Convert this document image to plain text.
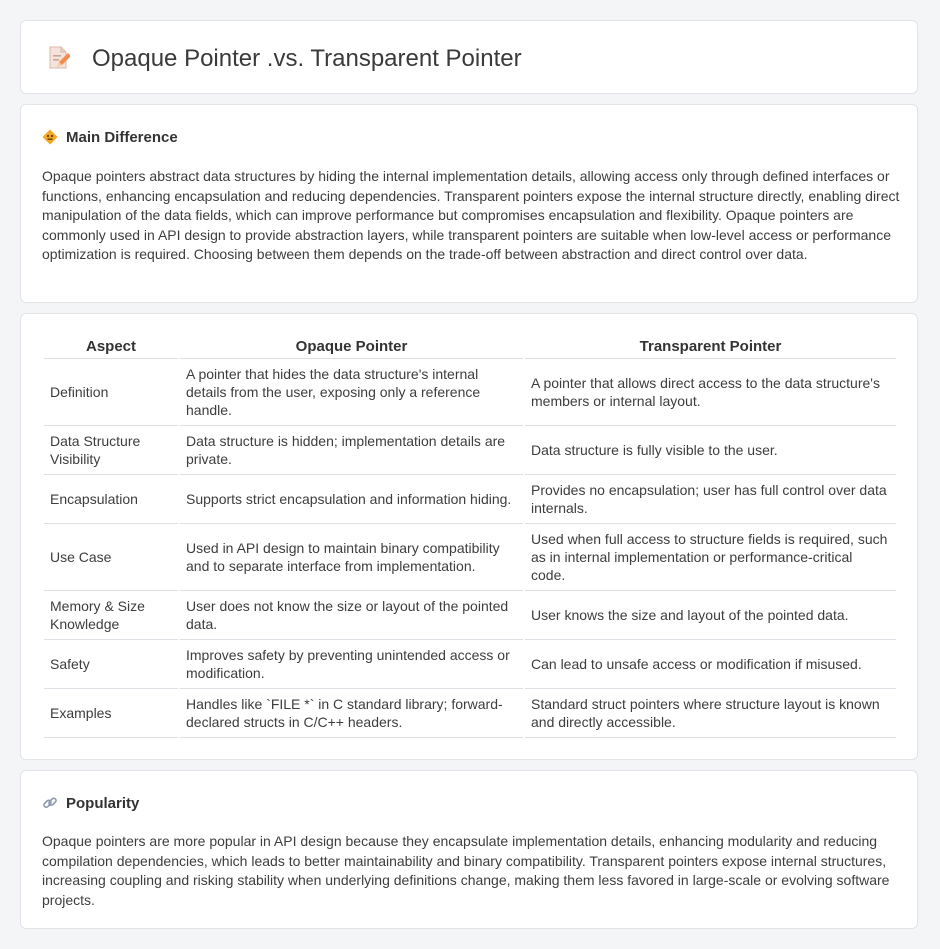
Opaque Pointer .vs. Transparent Pointer
Main Difference

Opaque pointers abstract data structures by hiding the internal implementation details, allowing access only through defined interfaces or functions, enhancing encapsulation and reducing dependencies. Transparent pointers expose the internal structure directly, enabling direct manipulation of the data fields, which can improve performance but compromises encapsulation and flexibility. Opaque pointers are commonly used in API design to provide abstraction layers, while transparent pointers are suitable when low-level access or performance optimization is required. Choosing between them depends on the trade-off between abstraction and direct control over data.

Aspect	Opaque Pointer	Transparent Pointer
Definition	A pointer that hides the data structure's internal details from the user, exposing only a reference handle.	A pointer that allows direct access to the data structure's members or internal layout.
Data Structure Visibility	Data structure is hidden; implementation details are private.	Data structure is fully visible to the user.
Encapsulation	Supports strict encapsulation and information hiding.	Provides no encapsulation; user has full control over data internals.
Use Case	Used in API design to maintain binary compatibility and to separate interface from implementation.	Used when full access to structure fields is required, such as in internal implementation or performance-critical code.
Memory & Size Knowledge	User does not know the size or layout of the pointed data.	User knows the size and layout of the pointed data.
Safety	Improves safety by preventing unintended access or modification.	Can lead to unsafe access or modification if misused.
Examples	Handles like `FILE *` in C standard library; forward-declared structs in C/C++ headers.	Standard struct pointers where structure layout is known and directly accessible.
Popularity

Opaque pointers are more popular in API design because they encapsulate implementation details, enhancing modularity and reducing compilation dependencies, which leads to better maintainability and binary compatibility. Transparent pointers expose internal structures, increasing coupling and risking stability when underlying definitions change, making them less favored in large-scale or evolving software projects.
